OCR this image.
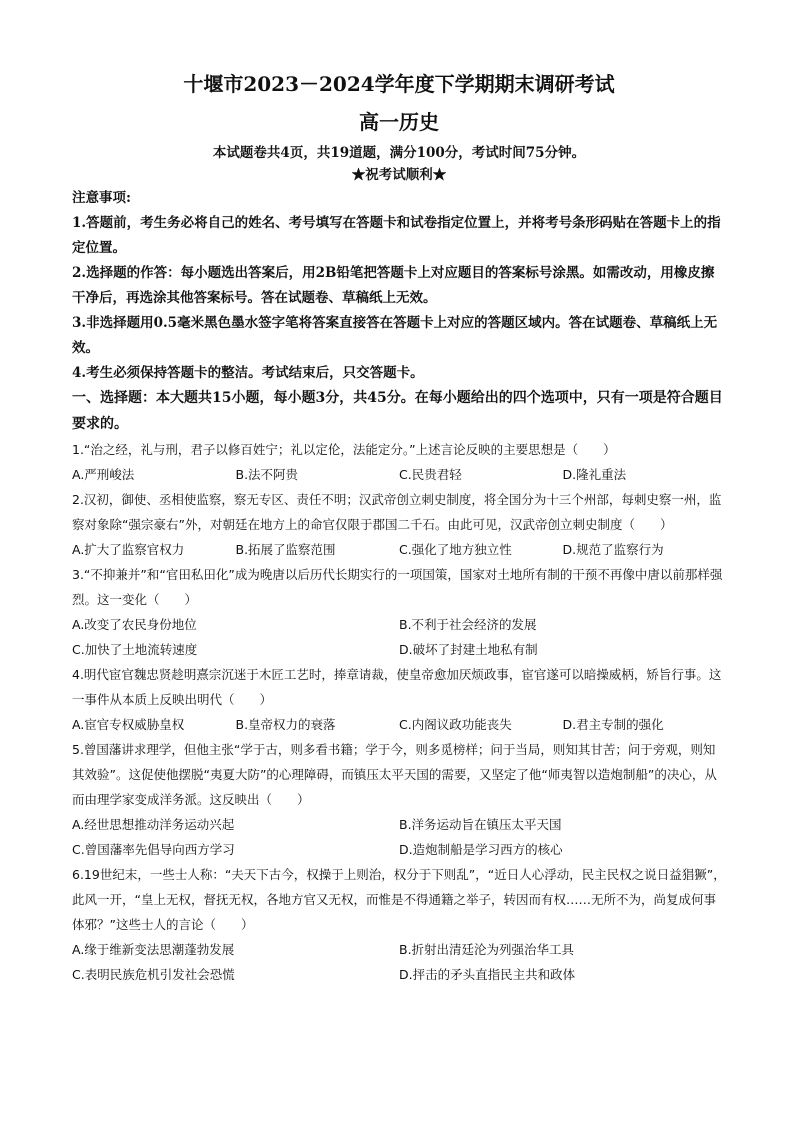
十堰市2023－2024学年度下学期期末调研考试
高一历史
本试题卷共4页，共19道题，满分100分，考试时间75分钟。
★祝考试顺利★
注意事项:
1.答题前，考生务必将自己的姓名、考号填写在答题卡和试卷指定位置上，并将考号条形码贴在答题卡上的指定位置。
2.选择题的作答：每小题选出答案后，用2B铅笔把答题卡上对应题目的答案标号涂黑。如需改动，用橡皮擦干净后，再选涂其他答案标号。答在试题卷、草稿纸上无效。
3.非选择题用0.5毫米黑色墨水签字笔将答案直接答在答题卡上对应的答题区域内。答在试题卷、草稿纸上无效。
4.考生必须保持答题卡的整洁。考试结束后，只交答题卡。
一、选择题：本大题共15小题，每小题3分，共45分。在每小题给出的四个选项中，只有一项是符合题目要求的。
1.“治之经，礼与刑，君子以修百姓宁；礼以定伦，法能定分。”上述言论反映的主要思想是（　　）
A.严刑峻法	B.法不阿贵	C.民贵君轻	D.隆礼重法
2.汉初，御使、丞相使监察，察无专区、责任不明；汉武帝创立刺史制度，将全国分为十三个州部，每刺史察一州，监察对象除“强宗豪右”外，对朝廷在地方上的命官仅限于郡国二千石。由此可见，汉武帝创立刺史制度（　　）
A.扩大了监察官权力	B.拓展了监察范围	C.强化了地方独立性	D.规范了监察行为
3.“不抑兼并”和“官田私田化”成为晚唐以后历代长期实行的一项国策，国家对土地所有制的干预不再像中唐以前那样强烈。这一变化（　　）
A.改变了农民身份地位	B.不利于社会经济的发展
C.加快了土地流转速度	D.破坏了封建土地私有制
4.明代宦官魏忠贤趁明熹宗沉迷于木匠工艺时，捧章请裁，使皇帝愈加厌烦政事，宦官遂可以暗操威柄，矫旨行事。这一事件从本质上反映出明代（　　）
A.宦官专权威胁皇权	B.皇帝权力的衰落	C.内阁议政功能丧失	D.君主专制的强化
5.曾国藩讲求理学，但他主张“学于古，则多看书籍；学于今，则多觅榜样；问于当局，则知其甘苦；问于旁观，则知其效验”。这促使他摆脱“夷夏大防”的心理障碍，而镇压太平天国的需要，又坚定了他“师夷智以造炮制船”的决心，从而由理学家变成洋务派。这反映出（　　）
A.经世思想推动洋务运动兴起	B.洋务运动旨在镇压太平天国
C.曾国藩率先倡导向西方学习	D.造炮制船是学习西方的核心
6.19世纪末，一些士人称：“夫天下古今，权操于上则治，权分于下则乱”，“近日人心浮动，民主民权之说日益猖獗”，此风一开，“皇上无权，督抚无权，各地方官又无权，而惟是不得通籍之举子，转因而有权……无所不为，尚复成何事体邪？”这些士人的言论（　　）
A.缘于维新变法思潮蓬勃发展	B.折射出清廷沦为列强治华工具
C.表明民族危机引发社会恐慌	D.抨击的矛头直指民主共和政体
